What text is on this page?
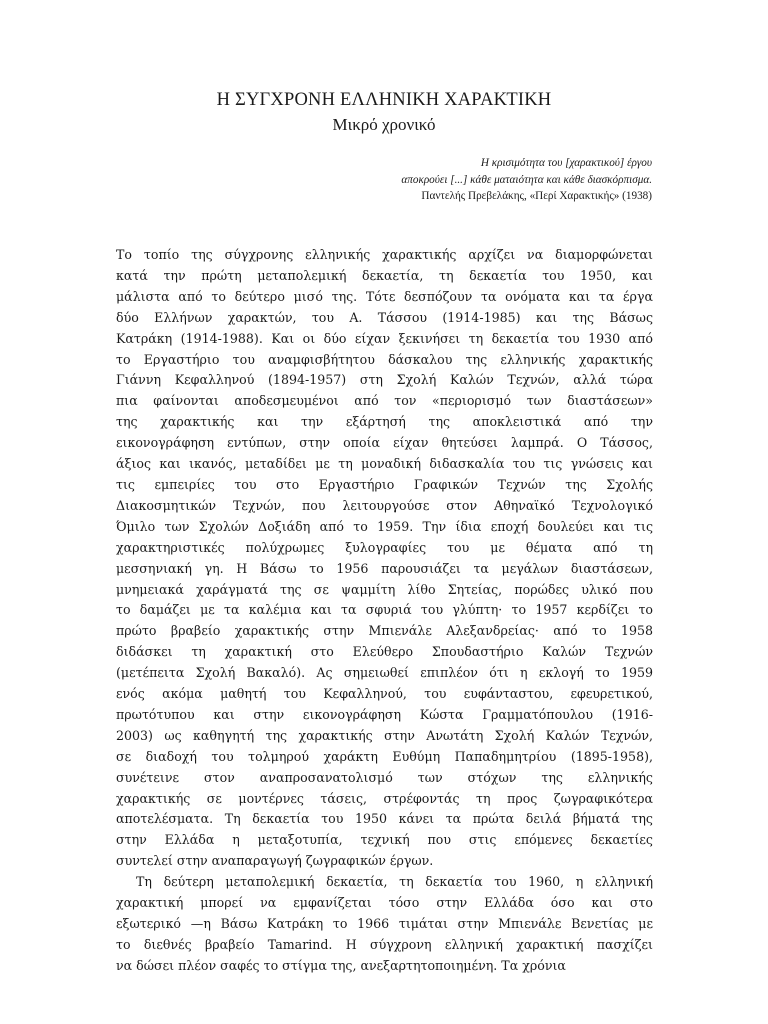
Η ΣΥΓΧΡΟΝΗ ΕΛΛΗΝΙΚΗ ΧΑΡΑΚΤΙΚΗ
Μικρό χρονικό
Η κρισιμότητα του [χαρακτικού] έργου
αποκρούει [...] κάθε ματαιότητα και κάθε διασκόρπισμα.
Παντελής Πρεβελάκης, «Περί Χαρακτικής» (1938)
Το τοπίο της σύγχρονης ελληνικής χαρακτικής αρχίζει να διαμορφώνεται
κατά την πρώτη μεταπολεμική δεκαετία, τη δεκαετία του 1950, και
μάλιστα από το δεύτερο μισό της. Τότε δεσπόζουν τα ονόματα και τα έργα
δύο Ελλήνων χαρακτών, του Α. Τάσσου (1914-1985) και της Βάσως
Κατράκη (1914-1988). Και οι δύο είχαν ξεκινήσει τη δεκαετία του 1930 από
το Εργαστήριο του αναμφισβήτητου δάσκαλου της ελληνικής χαρακτικής
Γιάννη Κεφαλληνού (1894-1957) στη Σχολή Καλών Τεχνών, αλλά τώρα
πια φαίνονται αποδεσμευμένοι από τον «περιορισμό των διαστάσεων»
της χαρακτικής και την εξάρτησή της αποκλειστικά από την
εικονογράφηση εντύπων, στην οποία είχαν θητεύσει λαμπρά. Ο Τάσσος,
άξιος και ικανός, μεταδίδει με τη μοναδική διδασκαλία του τις γνώσεις και
τις εμπειρίες του στο Εργαστήριο Γραφικών Τεχνών της Σχολής
Διακοσμητικών Τεχνών, που λειτουργούσε στον Αθηναϊκό Τεχνολογικό
Όμιλο των Σχολών Δοξιάδη από το 1959. Την ίδια εποχή δουλεύει και τις
χαρακτηριστικές πολύχρωμες ξυλογραφίες του με θέματα από τη
μεσσηνιακή γη. Η Βάσω το 1956 παρουσιάζει τα μεγάλων διαστάσεων,
μνημειακά χαράγματά της σε ψαμμίτη λίθο Σητείας, πορώδες υλικό που
το δαμάζει με τα καλέμια και τα σφυριά του γλύπτη· το 1957 κερδίζει το
πρώτο βραβείο χαρακτικής στην Μπιενάλε Αλεξανδρείας· από το 1958
διδάσκει τη χαρακτική στο Ελεύθερο Σπουδαστήριο Καλών Τεχνών
(μετέπειτα Σχολή Βακαλό). Ας σημειωθεί επιπλέον ότι η εκλογή το 1959
ενός ακόμα μαθητή του Κεφαλληνού, του ευφάνταστου, εφευρετικού,
πρωτότυπου και στην εικονογράφηση Κώστα Γραμματόπουλου (1916-
2003) ως καθηγητή της χαρακτικής στην Ανωτάτη Σχολή Καλών Τεχνών,
σε διαδοχή του τολμηρού χαράκτη Ευθύμη Παπαδημητρίου (1895-1958),
συνέτεινε στον αναπροσανατολισμό των στόχων της ελληνικής
χαρακτικής σε μοντέρνες τάσεις, στρέφοντάς τη προς ζωγραφικότερα
αποτελέσματα. Τη δεκαετία του 1950 κάνει τα πρώτα δειλά βήματά της
στην Ελλάδα η μεταξοτυπία, τεχνική που στις επόμενες δεκαετίες
συντελεί στην αναπαραγωγή ζωγραφικών έργων.
Τη δεύτερη μεταπολεμική δεκαετία, τη δεκαετία του 1960, η ελληνική
χαρακτική μπορεί να εμφανίζεται τόσο στην Ελλάδα όσο και στο
εξωτερικό —η Βάσω Κατράκη το 1966 τιμάται στην Μπιενάλε Βενετίας με
το διεθνές βραβείο Tamarind. Η σύγχρονη ελληνική χαρακτική πασχίζει
να δώσει πλέον σαφές το στίγμα της, ανεξαρτητοποιημένη. Τα χρόνια
